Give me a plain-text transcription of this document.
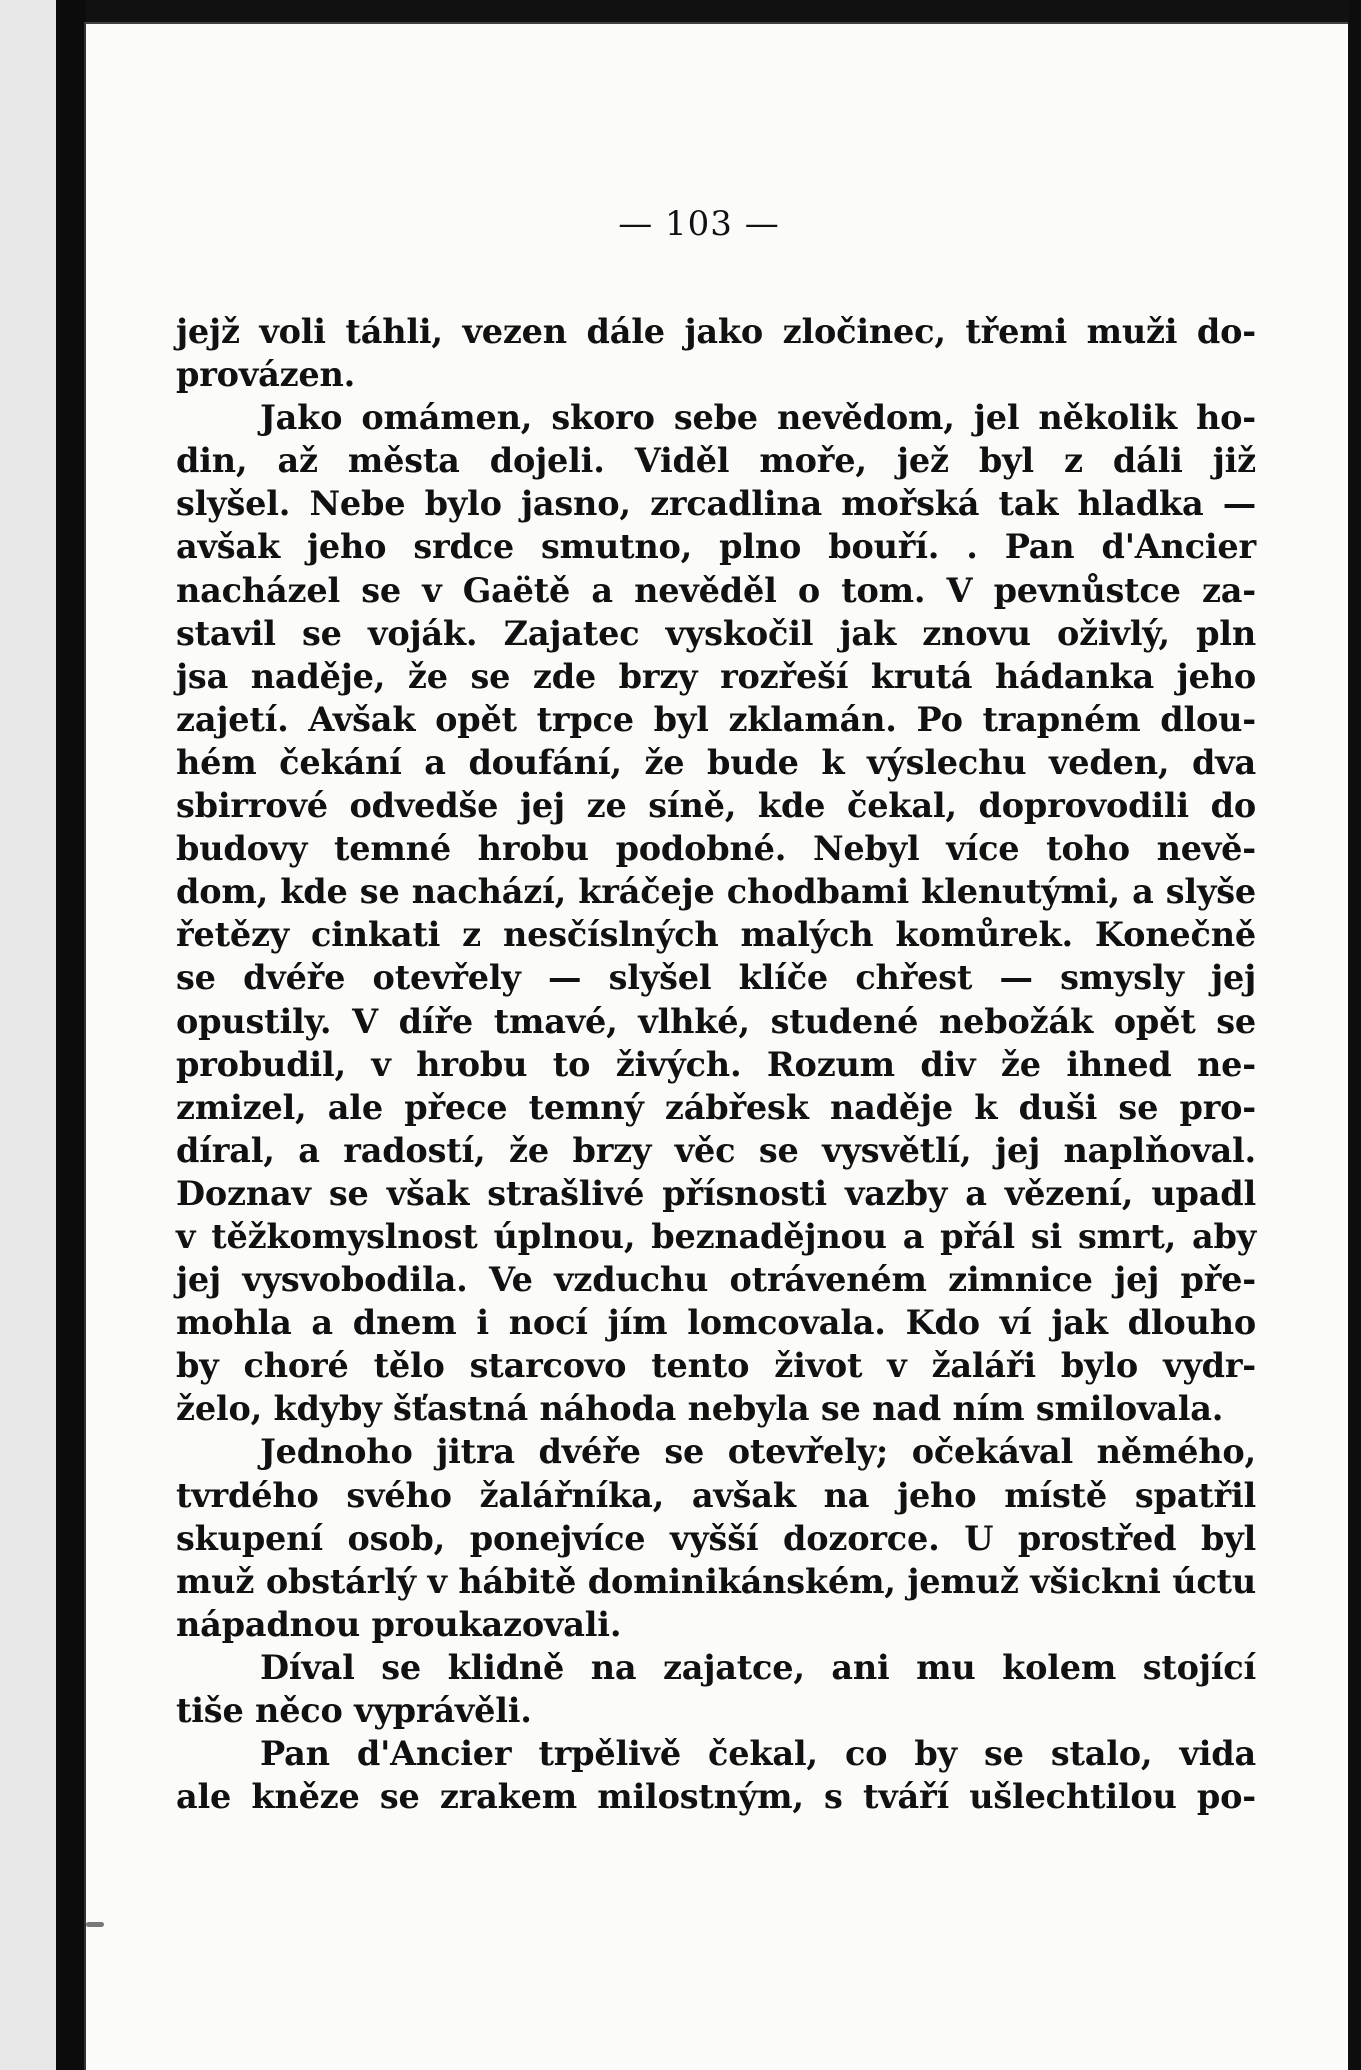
— 103 —
jejž voli táhli, vezen dále jako zločinec, třemi muži do-
provázen.
Jako omámen, skoro sebe nevědom, jel několik ho-
din, až města dojeli. Viděl moře, jež byl z dáli již
slyšel. Nebe bylo jasno, zrcadlina mořská tak hladka —
avšak jeho srdce smutno, plno bouří. . Pan d'Ancier
nacházel se v Gaëtě a nevěděl o tom. V pevnůstce za-
stavil se voják. Zajatec vyskočil jak znovu oživlý, pln
jsa naděje, že se zde brzy rozřeší krutá hádanka jeho
zajetí. Avšak opět trpce byl zklamán. Po trapném dlou-
hém čekání a doufání, že bude k výslechu veden, dva
sbirrové odvedše jej ze síně, kde čekal, doprovodili do
budovy temné hrobu podobné. Nebyl více toho nevě-
dom, kde se nachází, kráčeje chodbami klenutými, a slyše
řetězy cinkati z nesčíslných malých komůrek. Konečně
se dvéře otevřely — slyšel klíče chřest — smysly jej
opustily. V díře tmavé, vlhké, studené nebožák opět se
probudil, v hrobu to živých. Rozum div že ihned ne-
zmizel, ale přece temný zábřesk naděje k duši se pro-
díral, a radostí, že brzy věc se vysvětlí, jej naplňoval.
Doznav se však strašlivé přísnosti vazby a vězení, upadl
v těžkomyslnost úplnou, beznadějnou a přál si smrt, aby
jej vysvobodila. Ve vzduchu otráveném zimnice jej pře-
mohla a dnem i nocí jím lomcovala. Kdo ví jak dlouho
by choré tělo starcovo tento život v žaláři bylo vydr-
želo, kdyby šťastná náhoda nebyla se nad ním smilovala.
Jednoho jitra dvéře se otevřely; očekával němého,
tvrdého svého žalářníka, avšak na jeho místě spatřil
skupení osob, ponejvíce vyšší dozorce. U prostřed byl
muž obstárlý v hábitě dominikánském, jemuž všickni úctu
nápadnou proukazovali.
Díval se klidně na zajatce, ani mu kolem stojící
tiše něco vyprávěli.
Pan d'Ancier trpělivě čekal, co by se stalo, vida
ale kněze se zrakem milostným, s tváří ušlechtilou po-
